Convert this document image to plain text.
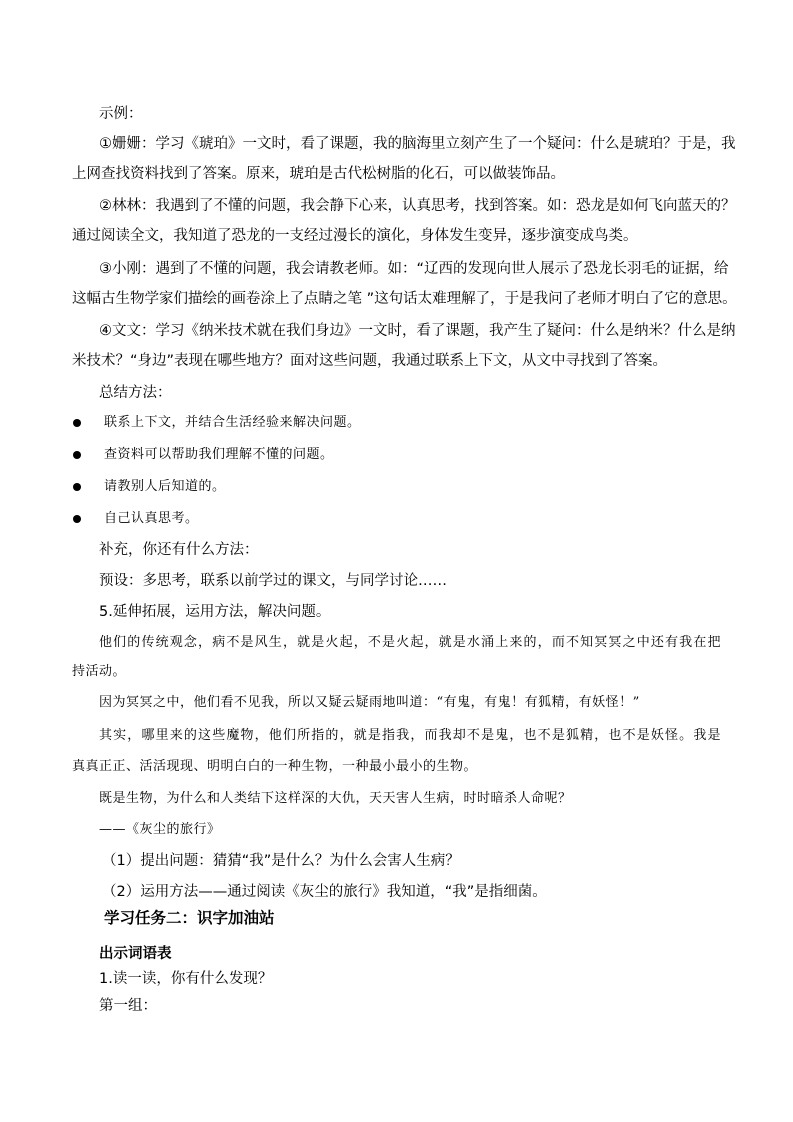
示例：
①姗姗：学习《琥珀》一文时，看了课题，我的脑海里立刻产生了一个疑问：什么是琥珀？于是，我
上网查找资料找到了答案。原来，琥珀是古代松树脂的化石，可以做装饰品。
②林林：我遇到了不懂的问题，我会静下心来，认真思考，找到答案。如：恐龙是如何飞向蓝天的？
通过阅读全文，我知道了恐龙的一支经过漫长的演化，身体发生变异，逐步演变成鸟类。
③小刚：遇到了不懂的问题，我会请教老师。如：“辽西的发现向世人展示了恐龙长羽毛的证据，给
这幅古生物学家们描绘的画卷涂上了点睛之笔 ”这句话太难理解了，于是我问了老师才明白了它的意思。
④文文：学习《纳米技术就在我们身边》一文时，看了课题，我产生了疑问：什么是纳米？什么是纳
米技术？“身边”表现在哪些地方？面对这些问题，我通过联系上下文，从文中寻找到了答案。
总结方法：
联系上下文，并结合生活经验来解决问题。
查资料可以帮助我们理解不懂的问题。
请教别人后知道的。
自己认真思考。
补充，你还有什么方法：
预设：多思考，联系以前学过的课文，与同学讨论……
5.延伸拓展，运用方法，解决问题。
他们的传统观念，病不是风生，就是火起，不是火起，就是水涌上来的，而不知冥冥之中还有我在把
持活动。
因为冥冥之中，他们看不见我，所以又疑云疑雨地叫道：“有鬼，有鬼！有狐精，有妖怪！”
其实，哪里来的这些魔物，他们所指的，就是指我，而我却不是鬼，也不是狐精，也不是妖怪。我是
真真正正、活活现现、明明白白的一种生物，一种最小最小的生物。
既是生物，为什么和人类结下这样深的大仇，天天害人生病，时时暗杀人命呢？
——《灰尘的旅行》
（1）提出问题：猜猜“我”是什么？为什么会害人生病？
（2）运用方法——通过阅读《灰尘的旅行》我知道，“我”是指细菌。
学习任务二：识字加油站
出示词语表
1.读一读，你有什么发现？
第一组：
